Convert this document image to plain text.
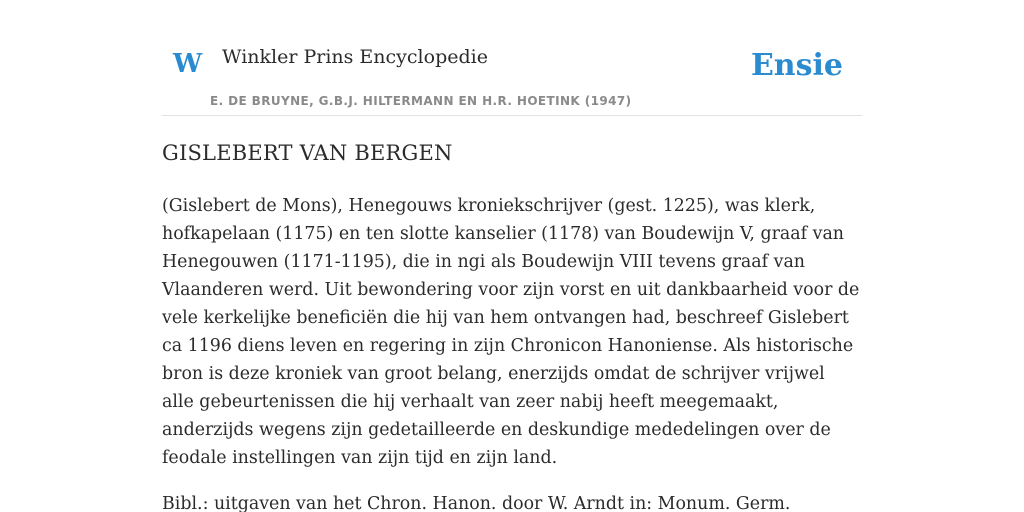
W Winkler Prins Encyclopedie
E. DE BRUYNE, G.B.J. HILTERMANN EN H.R. HOETINK (1947)
Ensie
GISLEBERT VAN BERGEN

(Gislebert de Mons), Henegouws kroniekschrijver (gest. 1225), was klerk, hofkapelaan (1175) en ten slotte kanselier (1178) van Boudewijn V, graaf van Henegouwen (1171-1195), die in ngi als Boudewijn VIII tevens graaf van Vlaanderen werd. Uit bewondering voor zijn vorst en uit dankbaarheid voor de vele kerkelijke beneficiën die hij van hem ontvangen had, beschreef Gislebert ca 1196 diens leven en regering in zijn Chronicon Hanoniense. Als historische bron is deze kroniek van groot belang, enerzijds omdat de schrijver vrijwel alle gebeurtenissen die hij verhaalt van zeer nabij heeft meegemaakt, anderzijds wegens zijn gedetailleerde en deskundige mededelingen over de feodale instellingen van zijn tijd en zijn land.

Bibl.: uitgaven van het Chron. Hanon. door W. Arndt in: Monum. Germ.
